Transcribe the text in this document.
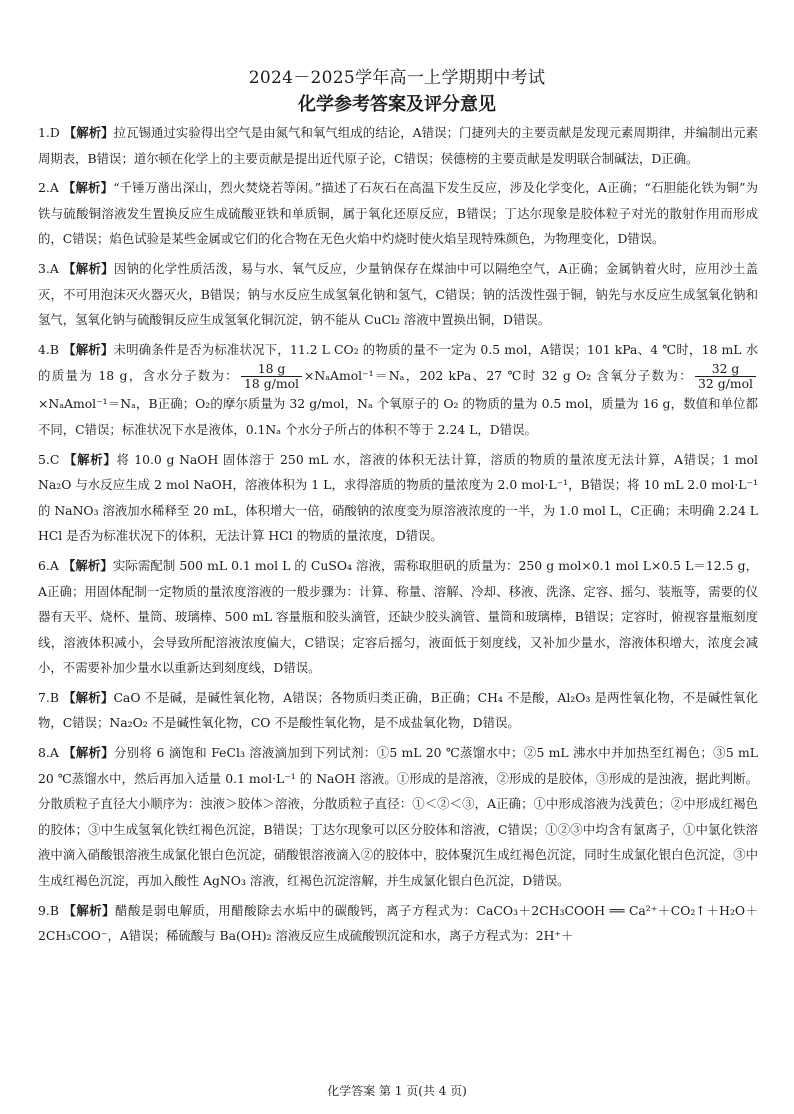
2024－2025学年高一上学期期中考试
化学参考答案及评分意见

1.D 【解析】拉瓦锡通过实验得出空气是由氮气和氧气组成的结论，A错误；门捷列夫的主要贡献是发现元素周期律，并编制出元素周期表，B错误；道尔顿在化学上的主要贡献是提出近代原子论，C错误；侯德榜的主要贡献是发明联合制碱法，D正确。

2.A 【解析】“千锤万凿出深山，烈火焚烧若等闲。”描述了石灰石在高温下发生反应，涉及化学变化，A正确；“石胆能化铁为铜”为铁与硫酸铜溶液发生置换反应生成硫酸亚铁和单质铜，属于氧化还原反应，B错误；丁达尔现象是胶体粒子对光的散射作用而形成的，C错误；焰色试验是某些金属或它们的化合物在无色火焰中灼烧时使火焰呈现特殊颜色，为物理变化，D错误。

3.A 【解析】因钠的化学性质活泼，易与水、氧气反应，少量钠保存在煤油中可以隔绝空气，A正确；金属钠着火时，应用沙土盖灭，不可用泡沫灭火器灭火，B错误；钠与水反应生成氢氧化钠和氢气，C错误；钠的活泼性强于铜，钠先与水反应生成氢氧化钠和氢气，氢氧化钠与硫酸铜反应生成氢氧化铜沉淀，钠不能从 CuCl₂ 溶液中置换出铜，D错误。

4.B 【解析】未明确条件是否为标准状况下，11.2 L CO₂ 的物质的量不一定为 0.5 mol，A错误；101 kPa、4 ℃时，18 mL 水的质量为 18 g，含水分子数为： $\frac{18 g}{\text{18 g/mol}}$ ×NₐAmol⁻¹＝Nₐ，202 kPa、27 ℃时 32 g O₂ 含氧分子数为： $\frac{32 g}{\text{32 g/mol}}$
×NₐAmol⁻¹＝Nₐ，B正确；O₂的摩尔质量为 32 g/mol，Nₐ 个氧原子的 O₂ 的物质的量为 0.5 mol，质量为 16 g，数值和单位都不同，C错误；标准状况下水是液体，0.1Nₐ 个水分子所占的体积不等于 2.24 L，D错误。

5.C 【解析】将 10.0 g NaOH 固体溶于 250 mL 水，溶液的体积无法计算，溶质的物质的量浓度无法计算，A错误；1 mol Na₂O 与水反应生成 2 mol NaOH，溶液体积为 1 L，求得溶质的物质的量浓度为 2.0 mol·L⁻¹，B错误；将 10 mL 2.0 mol·L⁻¹ 的 NaNO₃ 溶液加水稀释至 20 mL，体积增大一倍，硝酸钠的浓度变为原溶液浓度的一半，为 1.0 mol L，C正确；未明确 2.24 L HCl 是否为标准状况下的体积，无法计算 HCl 的物质的量浓度，D错误。

6.A 【解析】实际需配制 500 mL 0.1 mol L 的 CuSO₄ 溶液，需称取胆矾的质量为：250 g mol×0.1 mol L×0.5 L＝12.5 g，A正确；用固体配制一定物质的量浓度溶液的一般步骤为：计算、称量、溶解、冷却、移液、洗涤、定容、摇匀、装瓶等，需要的仪器有天平、烧杯、量筒、玻璃棒、500 mL 容量瓶和胶头滴管，还缺少胶头滴管、量筒和玻璃棒，B错误；定容时，俯视容量瓶刻度线，溶液体积减小，会导致所配溶液浓度偏大，C错误；定容后摇匀，液面低于刻度线，又补加少量水，溶液体积增大，浓度会减小，不需要补加少量水以重新达到刻度线，D错误。

7.B 【解析】CaO 不是碱，是碱性氧化物，A错误；各物质归类正确，B正确；CH₄ 不是酸，Al₂O₃ 是两性氧化物，不是碱性氧化物，C错误；Na₂O₂ 不是碱性氧化物，CO 不是酸性氧化物，是不成盐氧化物，D错误。

8.A 【解析】分别将 6 滴饱和 FeCl₃ 溶液滴加到下列试剂：①5 mL 20 ℃蒸馏水中；②5 mL 沸水中并加热至红褐色；③5 mL 20 ℃蒸馏水中，然后再加入适量 0.1 mol·L⁻¹ 的 NaOH 溶液。①形成的是溶液，②形成的是胶体，③形成的是浊液，据此判断。分散质粒子直径大小顺序为：浊液＞胶体＞溶液，分散质粒子直径：①＜②＜③，A正确；①中形成溶液为浅黄色；②中形成红褐色的胶体；③中生成氢氧化铁红褐色沉淀，B错误；丁达尔现象可以区分胶体和溶液，C错误；①②③中均含有氯离子，①中氯化铁溶液中滴入硝酸银溶液生成氯化银白色沉淀，硝酸银溶液滴入②的胶体中，胶体聚沉生成红褐色沉淀，同时生成氯化银白色沉淀，③中生成红褐色沉淀，再加入酸性 AgNO₃ 溶液，红褐色沉淀溶解，并生成氯化银白色沉淀，D错误。

9.B 【解析】醋酸是弱电解质，用醋酸除去水垢中的碳酸钙，离子方程式为：CaCO₃＋2CH₃COOH ══ Ca²⁺＋CO₂↑＋H₂O＋2CH₃COO⁻，A错误；稀硫酸与 Ba(OH)₂ 溶液反应生成硫酸钡沉淀和水，离子方程式为：2H⁺＋

化学答案 第 1 页(共 4 页)
